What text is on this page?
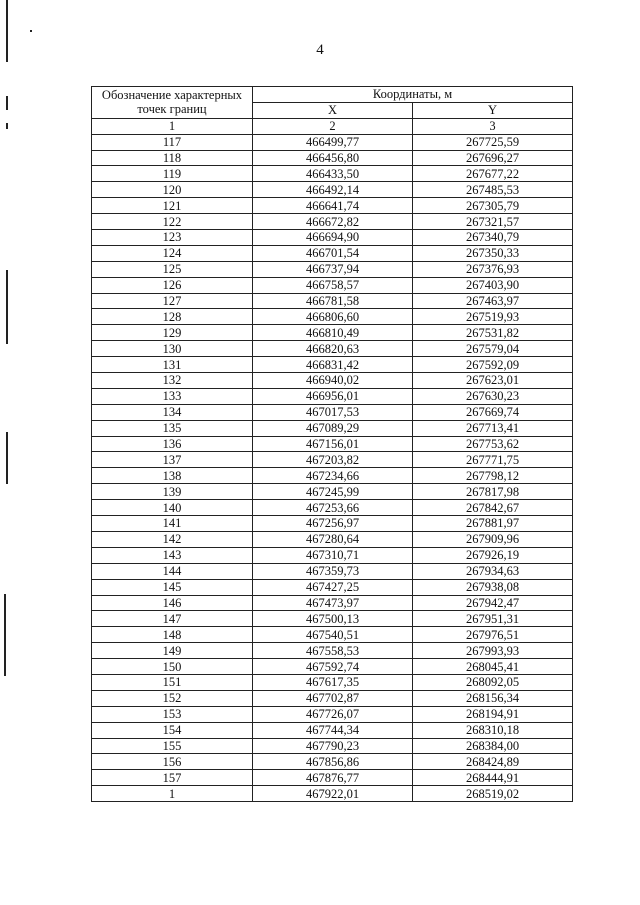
4
Обозначение характерных точек границ	Координаты, м	
	X	Y
1	2	3
117	466499,77	267725,59
118	466456,80	267696,27
119	466433,50	267677,22
120	466492,14	267485,53
121	466641,74	267305,79
122	466672,82	267321,57
123	466694,90	267340,79
124	466701,54	267350,33
125	466737,94	267376,93
126	466758,57	267403,90
127	466781,58	267463,97
128	466806,60	267519,93
129	466810,49	267531,82
130	466820,63	267579,04
131	466831,42	267592,09
132	466940,02	267623,01
133	466956,01	267630,23
134	467017,53	267669,74
135	467089,29	267713,41
136	467156,01	267753,62
137	467203,82	267771,75
138	467234,66	267798,12
139	467245,99	267817,98
140	467253,66	267842,67
141	467256,97	267881,97
142	467280,64	267909,96
143	467310,71	267926,19
144	467359,73	267934,63
145	467427,25	267938,08
146	467473,97	267942,47
147	467500,13	267951,31
148	467540,51	267976,51
149	467558,53	267993,93
150	467592,74	268045,41
151	467617,35	268092,05
152	467702,87	268156,34
153	467726,07	268194,91
154	467744,34	268310,18
155	467790,23	268384,00
156	467856,86	268424,89
157	467876,77	268444,91
1	467922,01	268519,02
